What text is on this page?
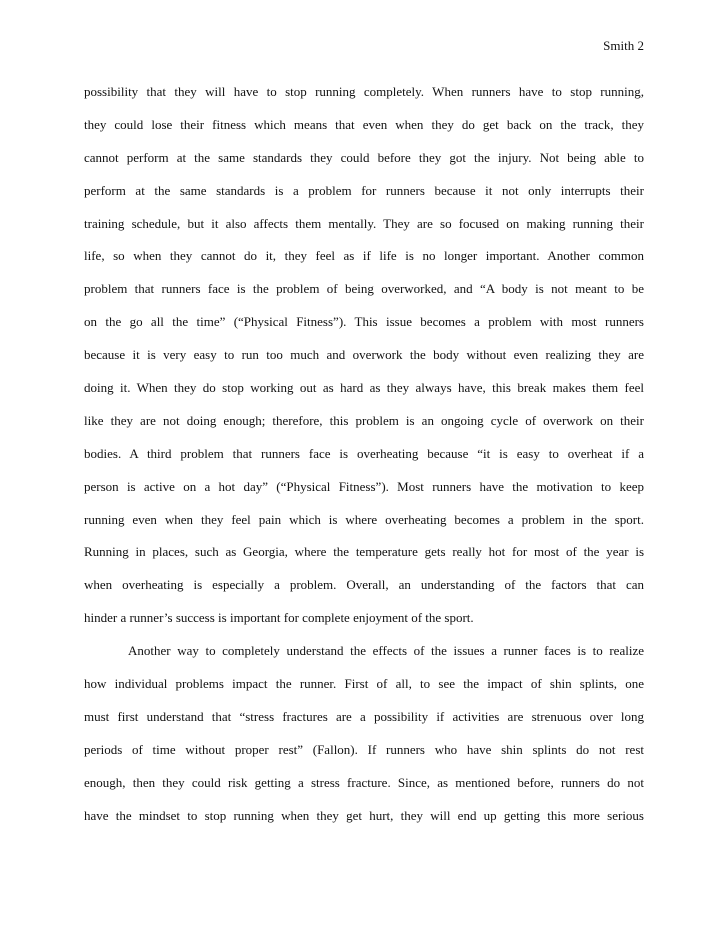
Smith 2
possibility that they will have to stop running completely. When runners have to stop running,
they could lose their fitness which means that even when they do get back on the track, they
cannot perform at the same standards they could before they got the injury. Not being able to
perform at the same standards is a problem for runners because it not only interrupts their
training schedule, but it also affects them mentally. They are so focused on making running their
life, so when they cannot do it, they feel as if life is no longer important. Another common
problem that runners face is the problem of being overworked, and “A body is not meant to be
on the go all the time” (“Physical Fitness”). This issue becomes a problem with most runners
because it is very easy to run too much and overwork the body without even realizing they are
doing it. When they do stop working out as hard as they always have, this break makes them feel
like they are not doing enough; therefore, this problem is an ongoing cycle of overwork on their
bodies. A third problem that runners face is overheating because “it is easy to overheat if a
person is active on a hot day” (“Physical Fitness”). Most runners have the motivation to keep
running even when they feel pain which is where overheating becomes a problem in the sport.
Running in places, such as Georgia, where the temperature gets really hot for most of the year is
when overheating is especially a problem. Overall, an understanding of the factors that can
hinder a runner’s success is important for complete enjoyment of the sport.
Another way to completely understand the effects of the issues a runner faces is to realize
how individual problems impact the runner. First of all, to see the impact of shin splints, one
must first understand that “stress fractures are a possibility if activities are strenuous over long
periods of time without proper rest” (Fallon). If runners who have shin splints do not rest
enough, then they could risk getting a stress fracture. Since, as mentioned before, runners do not
have the mindset to stop running when they get hurt, they will end up getting this more serious
